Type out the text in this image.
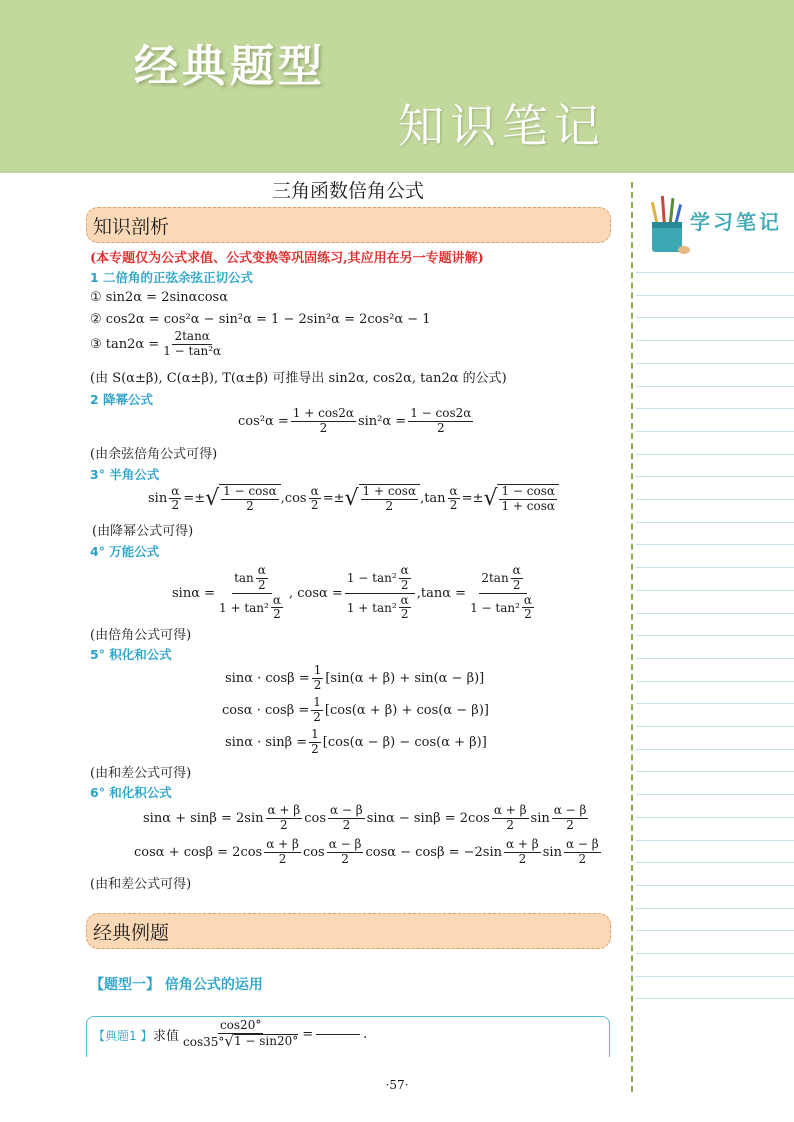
经典题型
知识笔记
学习笔记
三角函数倍角公式
知识剖析
(本专题仅为公式求值、公式变换等巩固练习,其应用在另一专题讲解)
1 二倍角的正弦余弦正切公式
① sin2α = 2sinαcosα
② cos2α = cos²α − sin²α = 1 − 2sin²α = 2cos²α − 1
③ $\tan 2\alpha = \frac{2\tan\alpha}{\text{1 − tan²α}}$
(由 S(α±β), C(α±β), T(α±β) 可推导出 sin2α, cos2α, tan2α 的公式)
2 降幂公式
$\cos^2\alpha = \frac{1 + \cos 2\alpha}{2} \sin^2\alpha = \frac{1 - \cos 2\alpha}{2}$
(由余弦倍角公式可得)
3° 半角公式
$\sin \frac{\alpha}{2}$ =± √ $\frac{1 - \cos\alpha}{2} ,\cos \frac{\alpha}{2}$ =± √ $\frac{1 + \cos\alpha}{2} ,\tan \frac{\alpha}{2}$ =± √ $\frac{1 - \cos\alpha}{1 + \cos\alpha}$
(由降幂公式可得)
4° 万能公式
$\sin\alpha = \frac{\tan \frac{\alpha}{2}}{1 + \tan^2 \frac{\alpha}{2}}$ , $\cos\alpha = \frac{1 - \tan^2 \frac{\alpha}{2}}{1 + \tan^2 \frac{\alpha}{2}} ,\tan\alpha = \frac{2\tan \frac{\alpha}{2}}{1 - \tan^2 \frac{\alpha}{2}}$
(由倍角公式可得)
5° 积化和公式
$\sin\alpha \cdot \cos\beta = \frac{1}{2} [\sin(\alpha + \beta) + \sin(\alpha - \beta)]$
$\cos\alpha \cdot \cos\beta = \frac{1}{2} [\cos(\alpha + \beta) + \cos(\alpha - \beta)]$
$\sin\alpha \cdot \sin\beta = \frac{1}{2} [\cos(\alpha - \beta) - \cos(\alpha + \beta)]$
(由和差公式可得)
6° 和化积公式
$\sin\alpha + \sin\beta = 2\sin \frac{\alpha + \beta}{2}$ $\cos \frac{\alpha - \beta}{2}$ $\sin\alpha - \sin\beta = 2\cos \frac{\alpha + \beta}{2}$ $\sin \frac{\alpha - \beta}{2}$
$\cos\alpha + \cos\beta = 2\cos \frac{\alpha + \beta}{2}$ $\cos \frac{\alpha - \beta}{2}$ $\cos\alpha - \cos\beta = -2\sin \frac{\alpha + \beta}{2}$ $\sin \frac{\alpha - \beta}{2}$
(由和差公式可得)
经典例题
【题型一】 倍角公式的运用
【典题1 】 求值 $\frac{\cos 20^\circ}{\cos 35^\circ √ 1 - \sin 20^\circ}$ =	.
·57·
